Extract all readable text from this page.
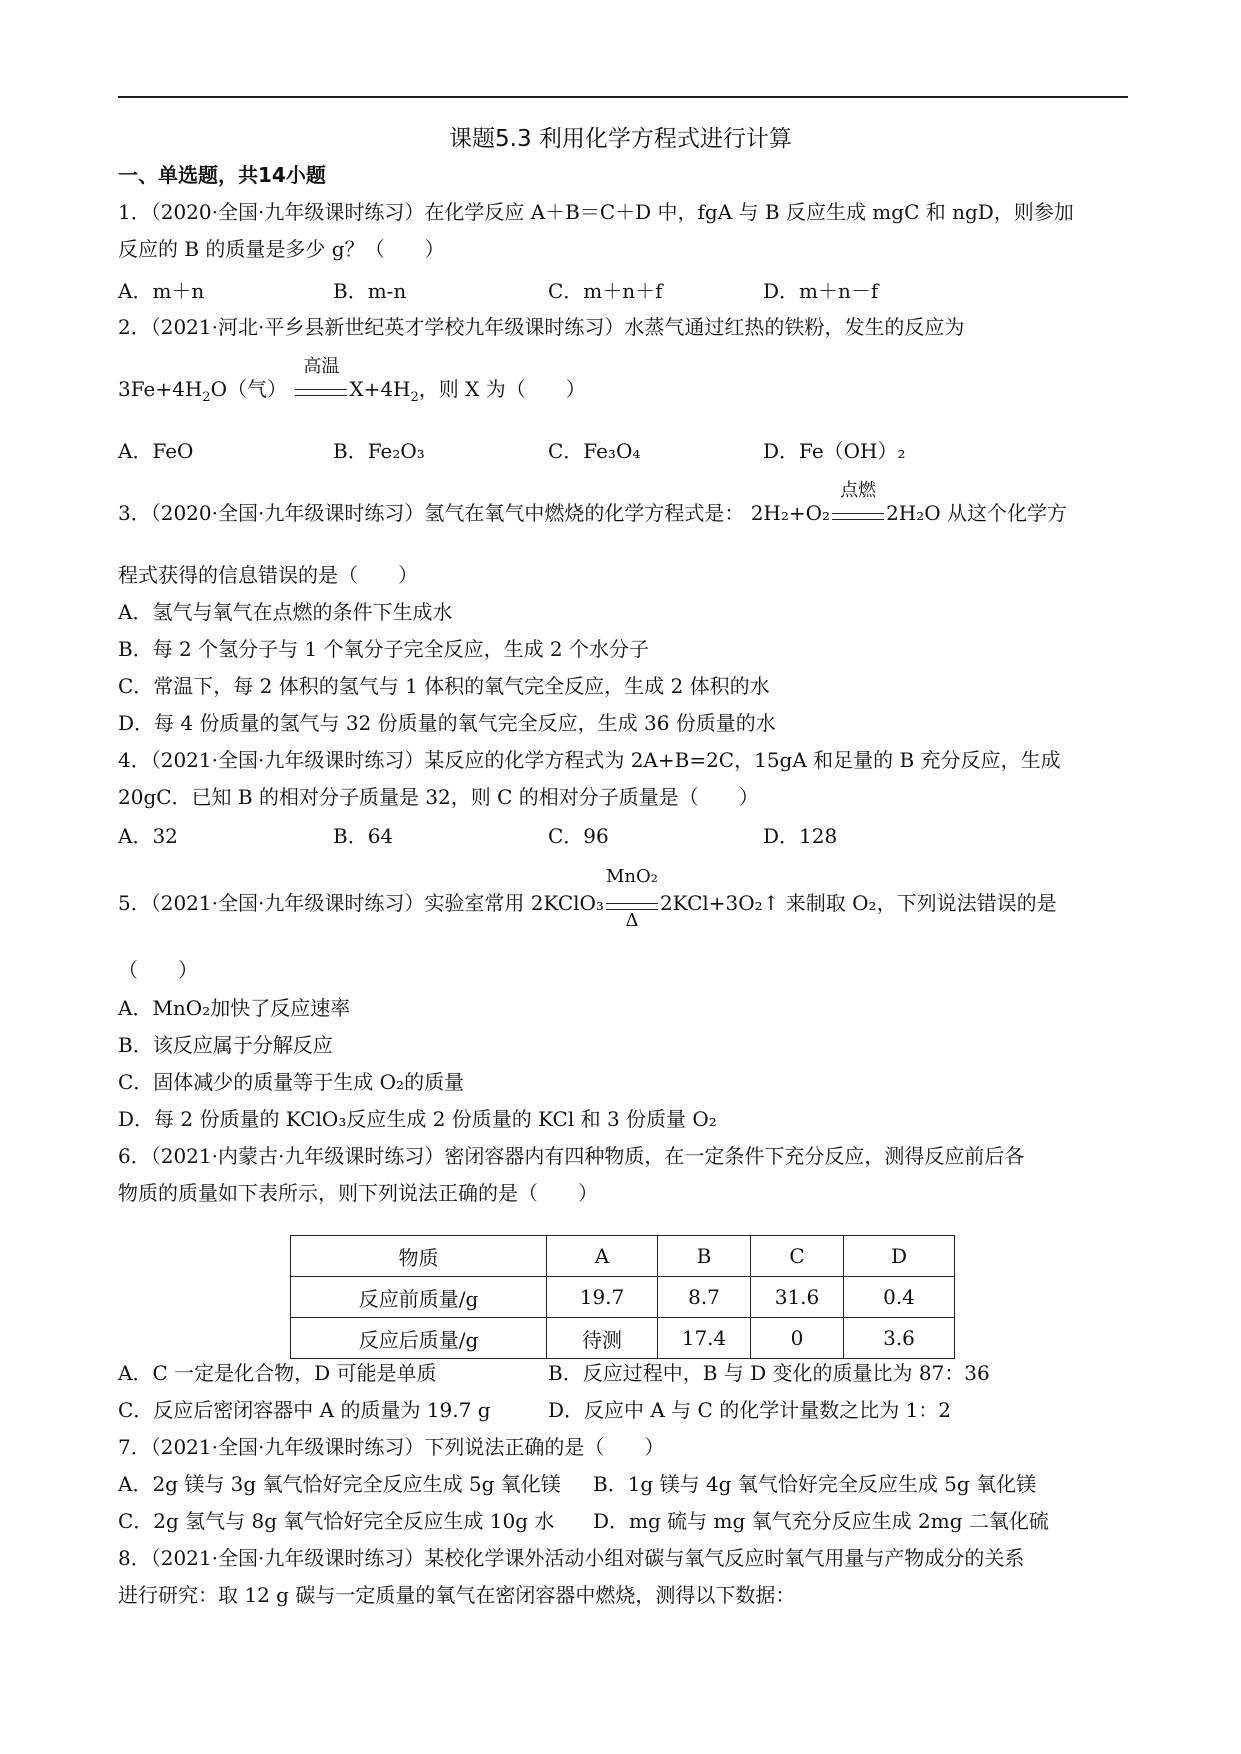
课题5.3 利用化学方程式进行计算
一、单选题，共14小题
1．（2020·全国·九年级课时练习）在化学反应 A＋B＝C＋D 中，fgA 与 B 反应生成 mgC 和 ngD，则参加
反应的 B 的质量是多少 g？（　　）
A．m＋n	B．m-n	C．m＋n＋f	D．m＋n－f
2．（2021·河北·平乡县新世纪英才学校九年级课时练习）水蒸气通过红热的铁粉，发生的反应为
$3Fe+4H_2O$（气）
高温
$X+4H_2$，则 X 为（　　）
A．FeO	B．Fe₂O₃	C．Fe₃O₄	D．Fe（OH）₂
3．（2020·全国·九年级课时练习）氢气在氧气中燃烧的化学方程式是： 2H₂+O₂
点燃
2H₂O 从这个化学方
程式获得的信息错误的是（　　）
A．氢气与氧气在点燃的条件下生成水
B．每 2 个氢分子与 1 个氧分子完全反应，生成 2 个水分子
C．常温下，每 2 体积的氢气与 1 体积的氧气完全反应，生成 2 体积的水
D．每 4 份质量的氢气与 32 份质量的氧气完全反应，生成 36 份质量的水
4．（2021·全国·九年级课时练习）某反应的化学方程式为 2A+B=2C，15gA 和足量的 B 充分反应，生成
20gC．已知 B 的相对分子质量是 32，则 C 的相对分子质量是（　　）
A．32	B．64	C．96	D．128
5．（2021·全国·九年级课时练习）实验室常用 2KClO₃
MnO₂
Δ
2KCl+3O₂↑ 来制取 O₂，下列说法错误的是
（　　）
A．MnO₂加快了反应速率
B．该反应属于分解反应
C．固体减少的质量等于生成 O₂的质量
D．每 2 份质量的 KClO₃反应生成 2 份质量的 KCl 和 3 份质量 O₂
6．（2021·内蒙古·九年级课时练习）密闭容器内有四种物质，在一定条件下充分反应，测得反应前后各
物质的质量如下表所示，则下列说法正确的是（　　）
物质	A	B	C	D
反应前质量/g	19.7	8.7	31.6	0.4
反应后质量/g	待测	17.4	0	3.6
A．C 一定是化合物，D 可能是单质	B．反应过程中，B 与 D 变化的质量比为 87：36
C．反应后密闭容器中 A 的质量为 19.7 g	D．反应中 A 与 C 的化学计量数之比为 1：2
7．（2021·全国·九年级课时练习）下列说法正确的是（　　）
A．2g 镁与 3g 氧气恰好完全反应生成 5g 氧化镁 B．1g 镁与 4g 氧气恰好完全反应生成 5g 氧化镁
C．2g 氢气与 8g 氧气恰好完全反应生成 10g 水 D．mg 硫与 mg 氧气充分反应生成 2mg 二氧化硫
8．（2021·全国·九年级课时练习）某校化学课外活动小组对碳与氧气反应时氧气用量与产物成分的关系
进行研究：取 12 g 碳与一定质量的氧气在密闭容器中燃烧，测得以下数据：
